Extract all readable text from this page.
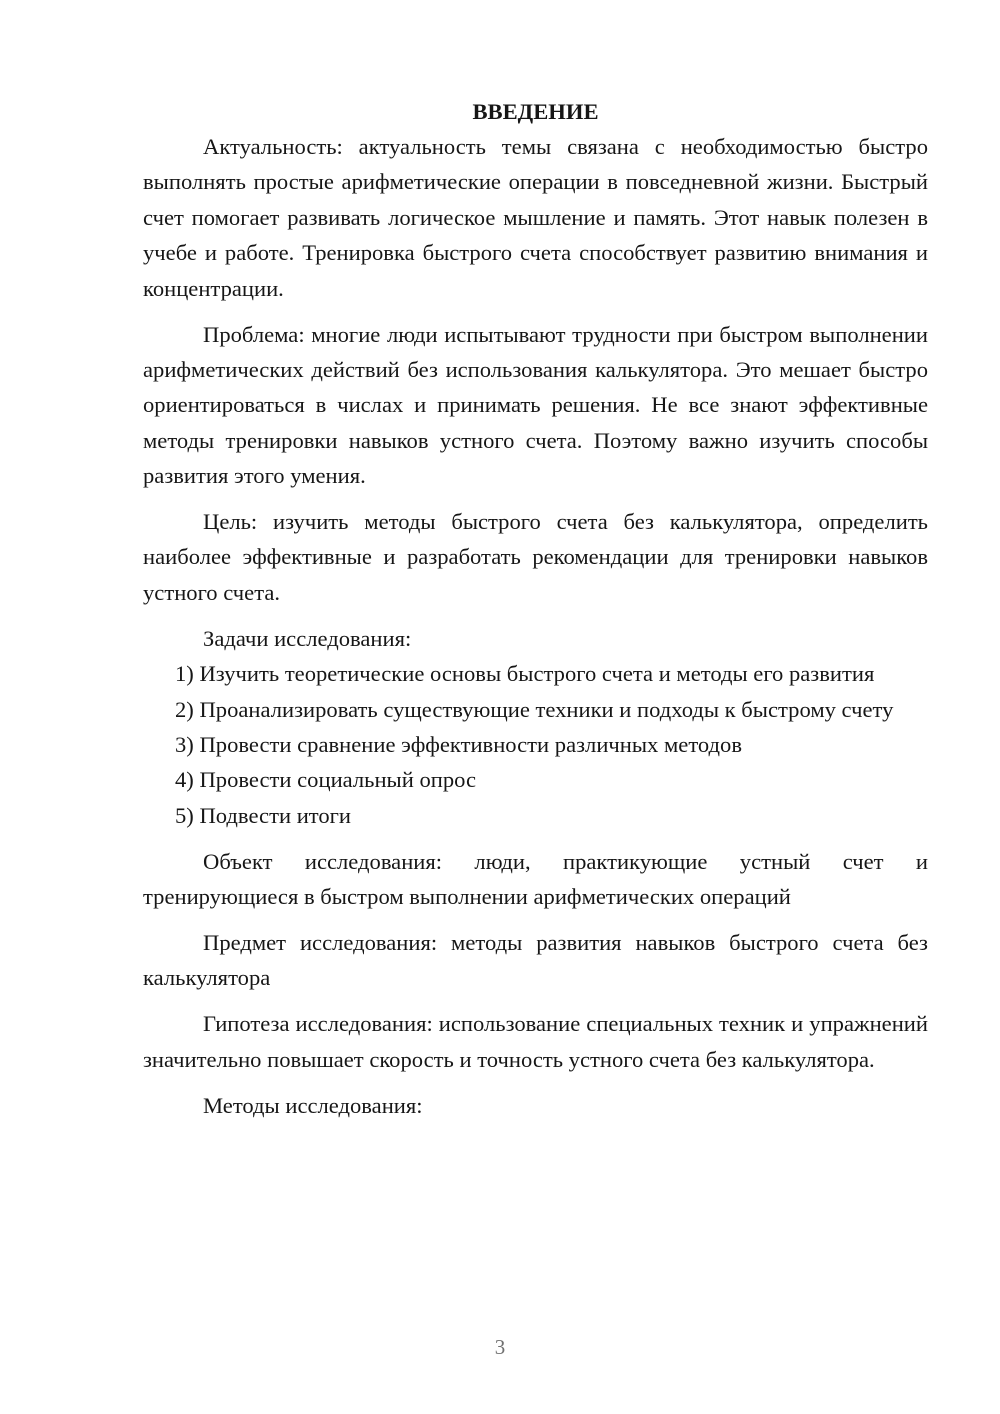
ВВЕДЕНИЕ

Актуальность: актуальность темы связана с необходимостью быстро выполнять простые арифметические операции в повседневной жизни. Быстрый счет помогает развивать логическое мышление и память. Этот навык полезен в учебе и работе. Тренировка быстрого счета способствует развитию внимания и концентрации.

Проблема: многие люди испытывают трудности при быстром выполнении арифметических действий без использования калькулятора. Это мешает быстро ориентироваться в числах и принимать решения. Не все знают эффективные методы тренировки навыков устного счета. Поэтому важно изучить способы развития этого умения.

Цель: изучить методы быстрого счета без калькулятора, определить наиболее эффективные и разработать рекомендации для тренировки навыков устного счета.

Задачи исследования:

1) Изучить теоретические основы быстрого счета и методы его развития

2) Проанализировать существующие техники и подходы к быстрому счету

3) Провести сравнение эффективности различных методов

4) Провести социальный опрос

5) Подвести итоги

Объект исследования: люди, практикующие устный счет и тренирующиеся в быстром выполнении арифметических операций

Предмет исследования: методы развития навыков быстрого счета без калькулятора

Гипотеза исследования: использование специальных техник и упражнений значительно повышает скорость и точность устного счета без калькулятора.

Методы исследования:

3
